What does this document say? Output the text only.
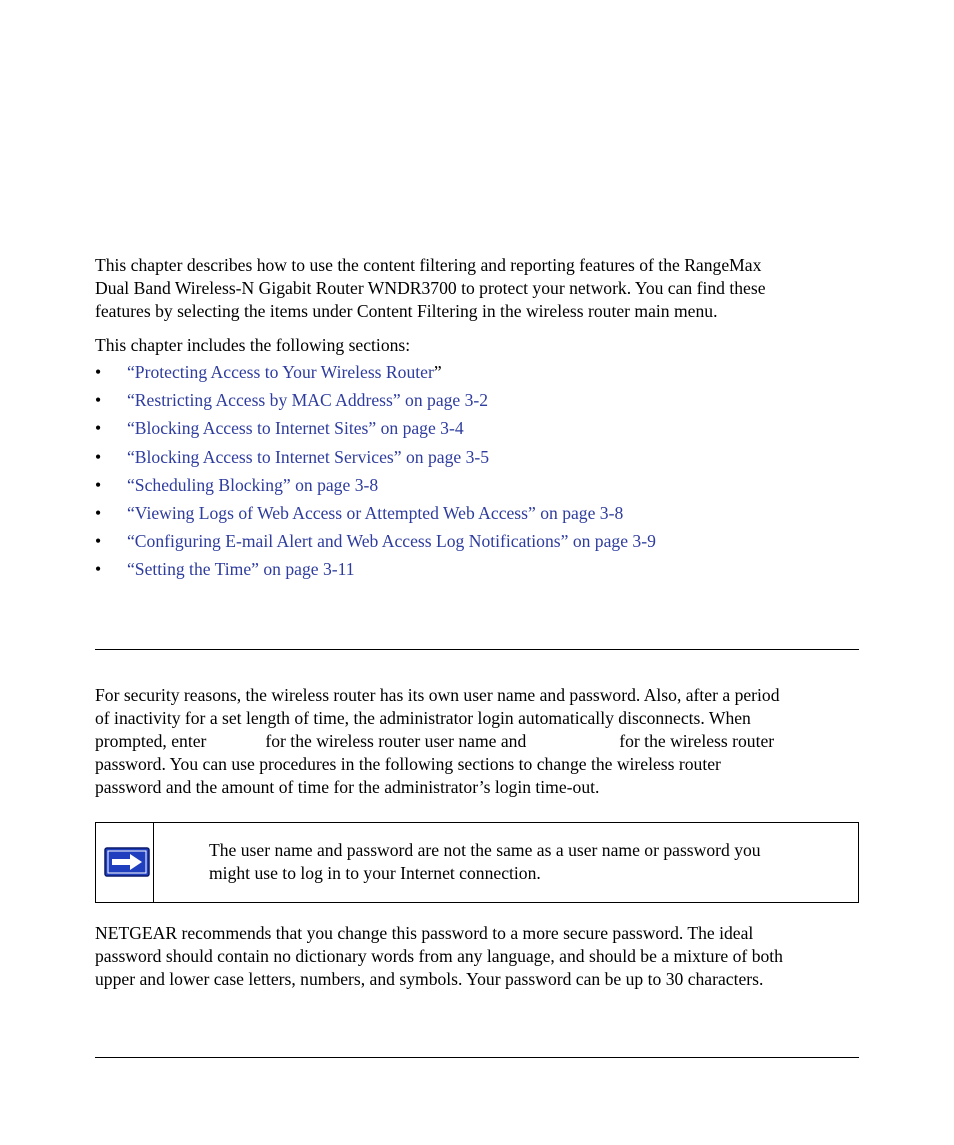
This chapter describes how to use the content filtering and reporting features of the RangeMax
Dual Band Wireless-N Gigabit Router WNDR3700 to protect your network. You can find these
features by selecting the items under Content Filtering in the wireless router main menu.

This chapter includes the following sections:

• “Protecting Access to Your Wireless Router”
• “Restricting Access by MAC Address” on page 3-2
• “Blocking Access to Internet Sites” on page 3-4
• “Blocking Access to Internet Services” on page 3-5
• “Scheduling Blocking” on page 3-8
• “Viewing Logs of Web Access or Attempted Web Access” on page 3-8
• “Configuring E-mail Alert and Web Access Log Notifications” on page 3-9
• “Setting the Time” on page 3-11

For security reasons, the wireless router has its own user name and password. Also, after a period
of inactivity for a set length of time, the administrator login automatically disconnects. When
prompted, enter	for the wireless router user name and	for the wireless router
password. You can use procedures in the following sections to change the wireless router
password and the amount of time for the administrator’s login time-out.

The user name and password are not the same as a user name or password you
might use to log in to your Internet connection.

NETGEAR recommends that you change this password to a more secure password. The ideal
password should contain no dictionary words from any language, and should be a mixture of both
upper and lower case letters, numbers, and symbols. Your password can be up to 30 characters.
